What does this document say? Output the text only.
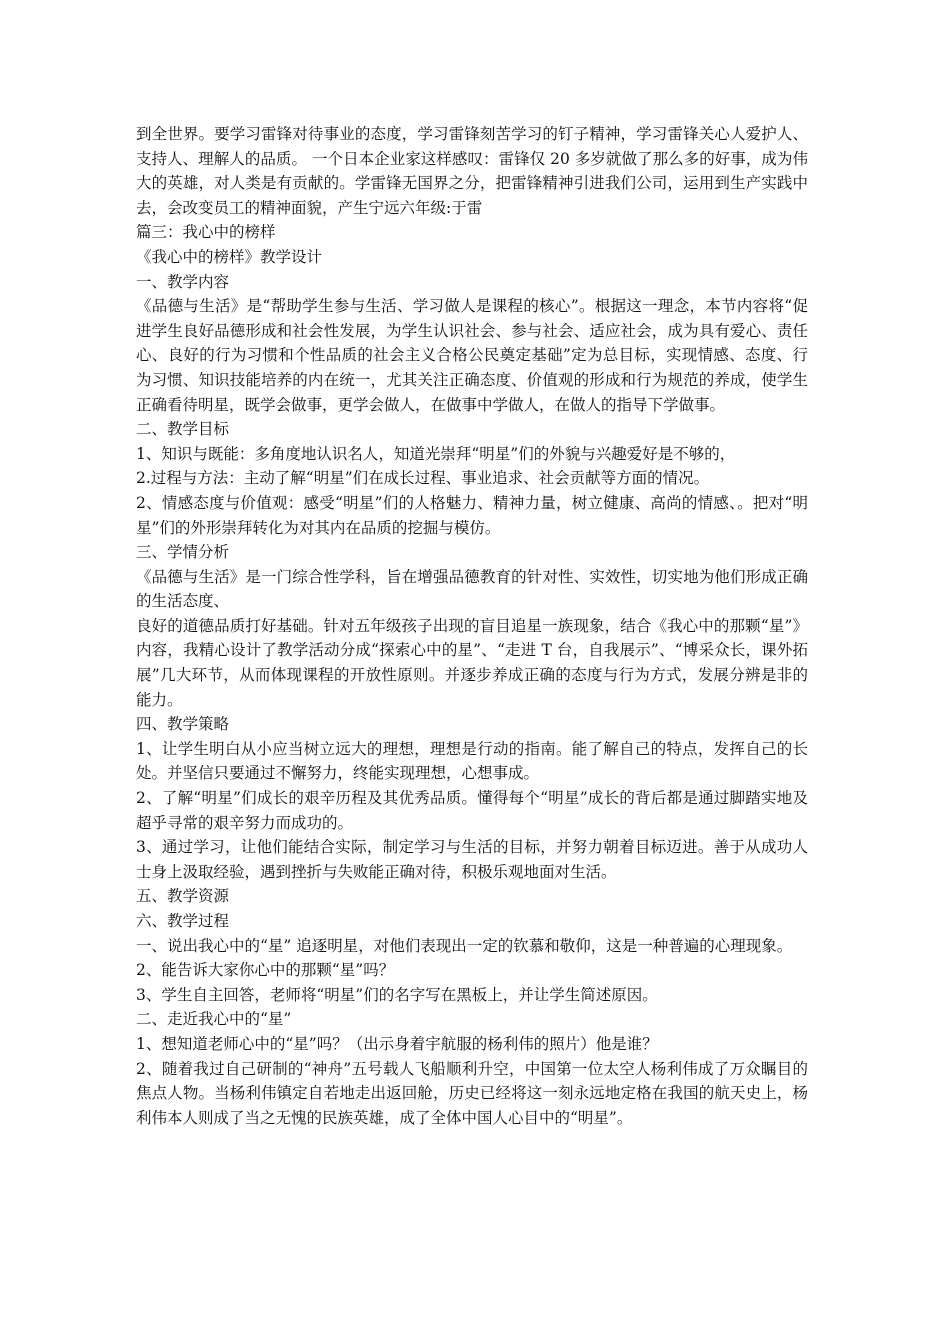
到全世界。要学习雷锋对待事业的态度，学习雷锋刻苦学习的钉子精神，学习雷锋关心人爱护人、支持人、理解人的品质。 一个日本企业家这样感叹：雷锋仅 20 多岁就做了那么多的好事，成为伟大的英雄，对人类是有贡献的。学雷锋无国界之分，把雷锋精神引进我们公司，运用到生产实践中去，会改变员工的精神面貌，产生宁远六年级:于雷

篇三：我心中的榜样

《我心中的榜样》教学设计

一、教学内容

《品德与生活》是“帮助学生参与生活、学习做人是课程的核心”。根据这一理念，本节内容将“促进学生良好品德形成和社会性发展，为学生认识社会、参与社会、适应社会，成为具有爱心、责任心、良好的行为习惯和个性品质的社会主义合格公民奠定基础”定为总目标，实现情感、态度、行为习惯、知识技能培养的内在统一，尤其关注正确态度、价值观的形成和行为规范的养成，使学生正确看待明星，既学会做事，更学会做人，在做事中学做人，在做人的指导下学做事。

二、教学目标

1、知识与既能：多角度地认识名人，知道光崇拜“明星”们的外貌与兴趣爱好是不够的，

2.过程与方法：主动了解“明星”们在成长过程、事业追求、社会贡献等方面的情况。

2、情感态度与价值观：感受“明星”们的人格魅力、精神力量，树立健康、高尚的情感、。把对“明星”们的外形崇拜转化为对其内在品质的挖掘与模仿。

三、学情分析

《品德与生活》是一门综合性学科，旨在增强品德教育的针对性、实效性，切实地为他们形成正确的生活态度、

良好的道德品质打好基础。针对五年级孩子出现的盲目追星一族现象，结合《我心中的那颗“星”》内容，我精心设计了教学活动分成“探索心中的星”、“走进 T 台，自我展示”、“博采众长，课外拓展”几大环节，从而体现课程的开放性原则。并逐步养成正确的态度与行为方式，发展分辨是非的能力。

四、教学策略

1、让学生明白从小应当树立远大的理想，理想是行动的指南。能了解自己的特点，发挥自己的长处。并坚信只要通过不懈努力，终能实现理想，心想事成。

2、了解“明星”们成长的艰辛历程及其优秀品质。懂得每个“明星”成长的背后都是通过脚踏实地及超乎寻常的艰辛努力而成功的。

3、通过学习，让他们能结合实际，制定学习与生活的目标，并努力朝着目标迈进。善于从成功人士身上汲取经验，遇到挫折与失败能正确对待，积极乐观地面对生活。

五、教学资源

六、教学过程

一、说出我心中的“星” 追逐明星，对他们表现出一定的钦慕和敬仰，这是一种普遍的心理现象。

2、能告诉大家你心中的那颗“星”吗？

3、学生自主回答，老师将“明星”们的名字写在黑板上，并让学生简述原因。

二、走近我心中的“星”

1、想知道老师心中的“星”吗？（出示身着宇航服的杨利伟的照片）他是谁？

2、随着我过自己研制的“神舟”五号载人飞船顺利升空，中国第一位太空人杨利伟成了万众瞩目的焦点人物。当杨利伟镇定自若地走出返回舱，历史已经将这一刻永远地定格在我国的航天史上，杨利伟本人则成了当之无愧的民族英雄，成了全体中国人心目中的“明星”。
